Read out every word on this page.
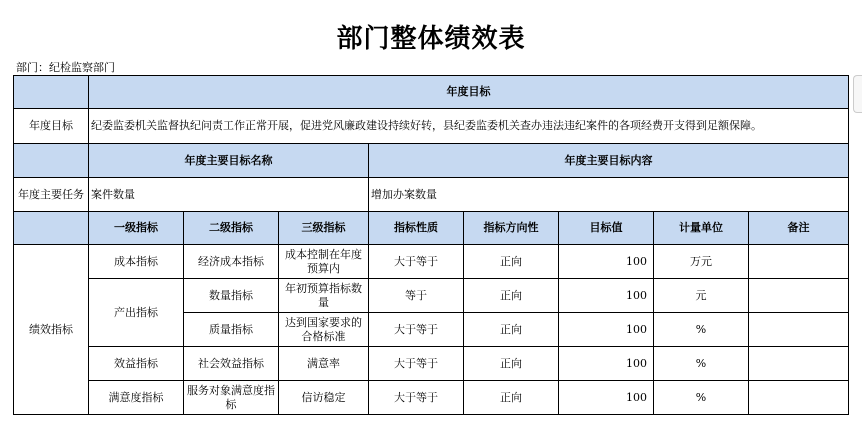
部门整体绩效表
部门：纪检监察部门
	年度目标							
年度目标	纪委监委机关监督执纪问责工作正常开展，促进党风廉政建设持续好转，县纪委监委机关查办违法违纪案件的各项经费开支得到足额保障。							
	年度主要目标名称			年度主要目标内容				
年度主要任务	案件数量			增加办案数量				
	一级指标	二级指标	三级指标	指标性质	指标方向性	目标值	计量单位	备注
绩效指标	成本指标	经济成本指标	成本控制在年度预算内	大于等于	正向	100	万元	
	产出指标	数量指标	年初预算指标数量	等于	正向	100	元	
		质量指标	达到国家要求的合格标准	大于等于	正向	100	%	
	效益指标	社会效益指标	满意率	大于等于	正向	100	%	
	满意度指标	服务对象满意度指标	信访稳定	大于等于	正向	100	%	
